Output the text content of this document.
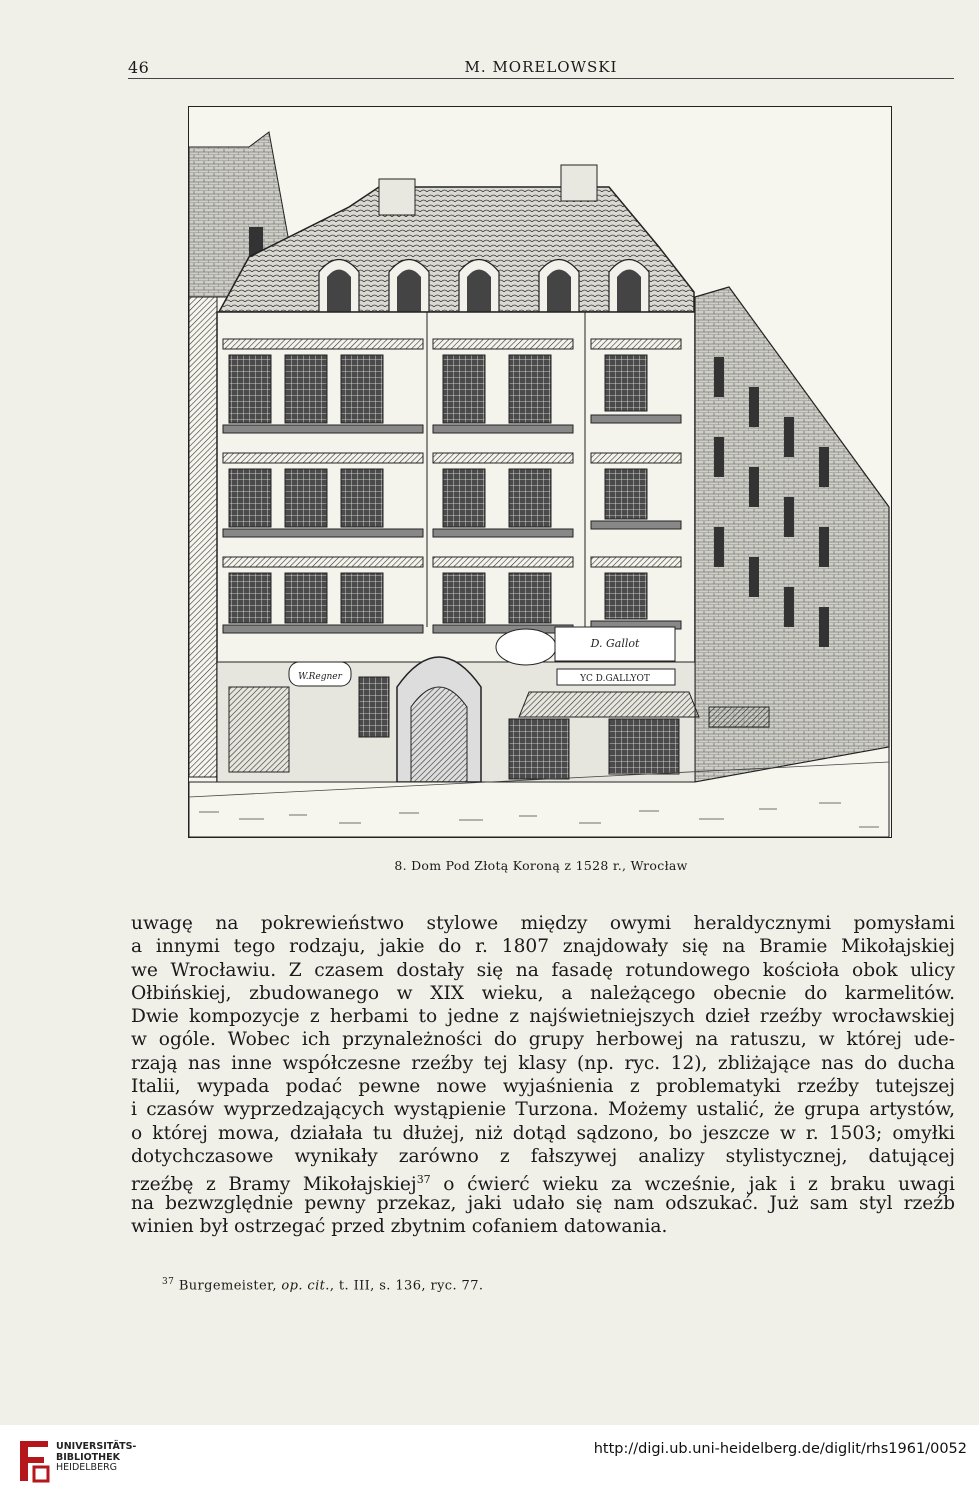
46	M. MORELOWSKI
W.Regner
D. Gallot
YC D.GALLYOT
8. Dom Pod Złotą Koroną z 1528 r., Wrocław
uwagę na pokrewieństwo stylowe między owymi heraldycznymi pomysłami
a innymi tego rodzaju, jakie do r. 1807 znajdowały się na Bramie Mikołajskiej
we Wrocławiu. Z czasem dostały się na fasadę rotundowego kościoła obok ulicy
Ołbińskiej, zbudowanego w XIX wieku, a należącego obecnie do karmelitów.
Dwie kompozycje z herbami to jedne z najświetniejszych dzieł rzeźby wrocławskiej
w ogóle. Wobec ich przynależności do grupy herbowej na ratuszu, w której ude-
rzają nas inne współczesne rzeźby tej klasy (np. ryc. 12), zbliżające nas do ducha
Italii, wypada podać pewne nowe wyjaśnienia z problematyki rzeźby tutejszej
i czasów wyprzedzających wystąpienie Turzona. Możemy ustalić, że grupa artystów,
o której mowa, działała tu dłużej, niż dotąd sądzono, bo jeszcze w r. 1503; omyłki
dotychczasowe wynikały zarówno z fałszywej analizy stylistycznej, datującej
rzeźbę z Bramy Mikołajskiej$^{37}$ o ćwierć wieku za wcześnie, jak i z braku uwagi
na bezwzględnie pewny przekaz, jaki udało się nam odszukać. Już sam styl rzeźb
winien był ostrzegać przed zbytnim cofaniem datowania.
$^{37}$ Burgemeister, op. cit., t. III, s. 136, ryc. 77.
UNIVERSITÄTS-
BIBLIOTHEK
HEIDELBERG
http://digi.ub.uni-heidelberg.de/diglit/rhs1961/0052
